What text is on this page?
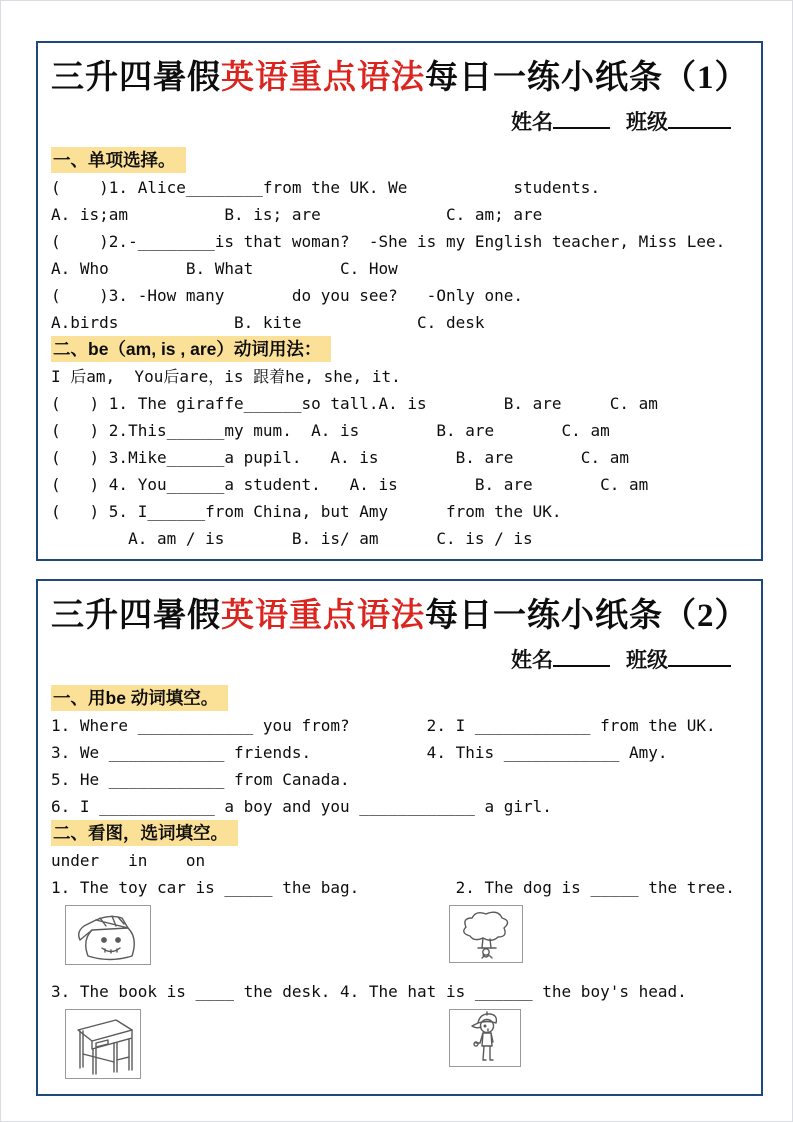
三升四暑假英语重点语法每日一练小纸条（1）
姓名	班级
一、单项选择。
(    )1. Alice________from the UK. We           students.
A. is;am          B. is; are             C. am; are
(    )2.-________is that woman?  -She is my English teacher, Miss Lee.
A. Who        B. What         C. How
(    )3. -How many       do you see?   -Only one.
A.birds            B. kite            C. desk
二、be（am, is , are）动词用法：
I 后am,  You后are，is 跟着he, she, it.
(   ) 1. The giraffe______so tall.A. is        B. are     C. am
(   ) 2.This______my mum.  A. is        B. are       C. am
(   ) 3.Mike______a pupil.   A. is        B. are       C. am
(   ) 4. You______a student.   A. is        B. are       C. am
(   ) 5. I______from China, but Amy      from the UK.
A. am / is       B. is/ am      C. is / is
三升四暑假英语重点语法每日一练小纸条（2）
姓名	班级
一、用be 动词填空。
1. Where ____________ you from?        2. I ____________ from the UK.
3. We ____________ friends.            4. This ____________ Amy.
5. He ____________ from Canada.
6. I ____________ a boy and you ____________ a girl.
二、看图，选词填空。
under   in    on
1. The toy car is _____ the bag.          2. The dog is _____ the tree.
3. The book is ____ the desk. 4. The hat is ______ the boy's head.
